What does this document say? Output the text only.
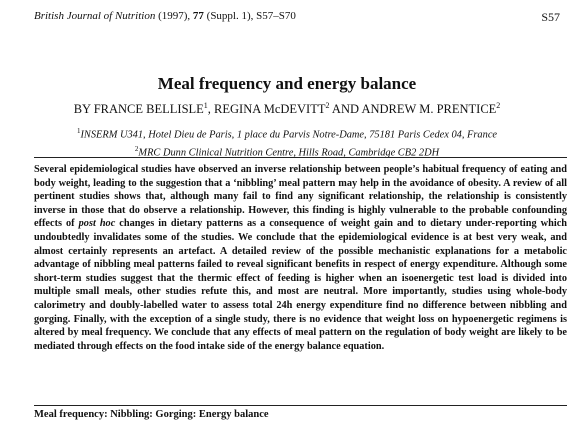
British Journal of Nutrition (1997), 77 (Suppl. 1), S57–S70	S57
Meal frequency and energy balance
BY FRANCE BELLISLE$^1$, REGINA McDEVITT$^2$ AND ANDREW M. PRENTICE$^2$
$^1$INSERM U341, Hotel Dieu de Paris, 1 place du Parvis Notre-Dame, 75181 Paris Cedex 04, France
$^2$MRC Dunn Clinical Nutrition Centre, Hills Road, Cambridge CB2 2DH
Several epidemiological studies have observed an inverse relationship between people’s habitual frequency of eating and body weight, leading to the suggestion that a ‘nibbling’ meal pattern may help in the avoidance of obesity. A review of all pertinent studies shows that, although many fail to find any significant relationship, the relationship is consistently inverse in those that do observe a relationship. However, this finding is highly vulnerable to the probable confounding effects of post hoc changes in dietary patterns as a consequence of weight gain and to dietary under-reporting which undoubtedly invalidates some of the studies. We conclude that the epidemiological evidence is at best very weak, and almost certainly represents an artefact. A detailed review of the possible mechanistic explanations for a metabolic advantage of nibbling meal patterns failed to reveal significant benefits in respect of energy expenditure. Although some short-term studies suggest that the thermic effect of feeding is higher when an isoenergetic test load is divided into multiple small meals, other studies refute this, and most are neutral. More importantly, studies using whole-body calorimetry and doubly-labelled water to assess total 24h energy expenditure find no difference between nibbling and gorging. Finally, with the exception of a single study, there is no evidence that weight loss on hypoenergetic regimens is altered by meal frequency. We conclude that any effects of meal pattern on the regulation of body weight are likely to be mediated through effects on the food intake side of the energy balance equation.
Meal frequency: Nibbling: Gorging: Energy balance
